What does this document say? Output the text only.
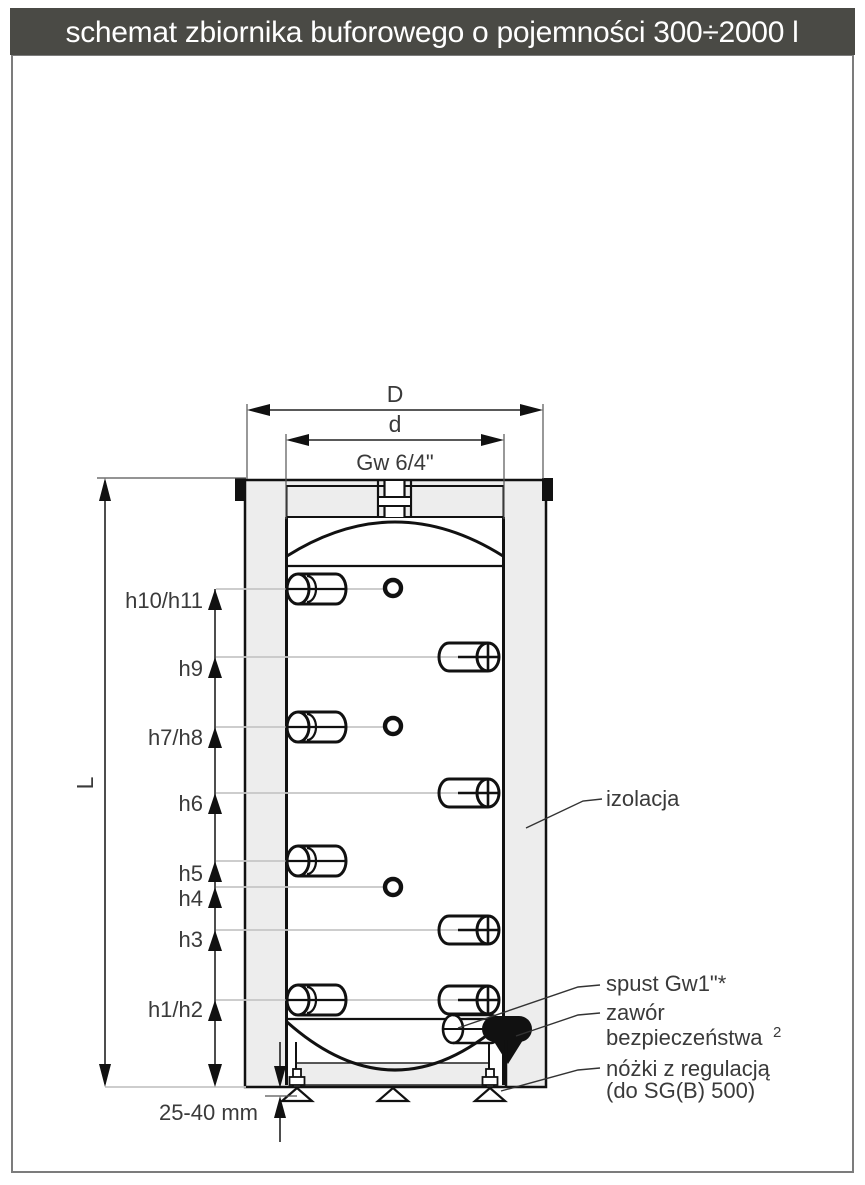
schemat zbiornika buforowego o pojemności 300÷2000 l
D
d
Gw 6/4"
L
h10/h11
h9
h7/h8
h6
h5
h4
h3
h1/h2
25-40 mm
izolacja
spust Gw1"*
zawór
bezpieczeństwa 2
nóżki z regulacją
(do SG(B) 500)
